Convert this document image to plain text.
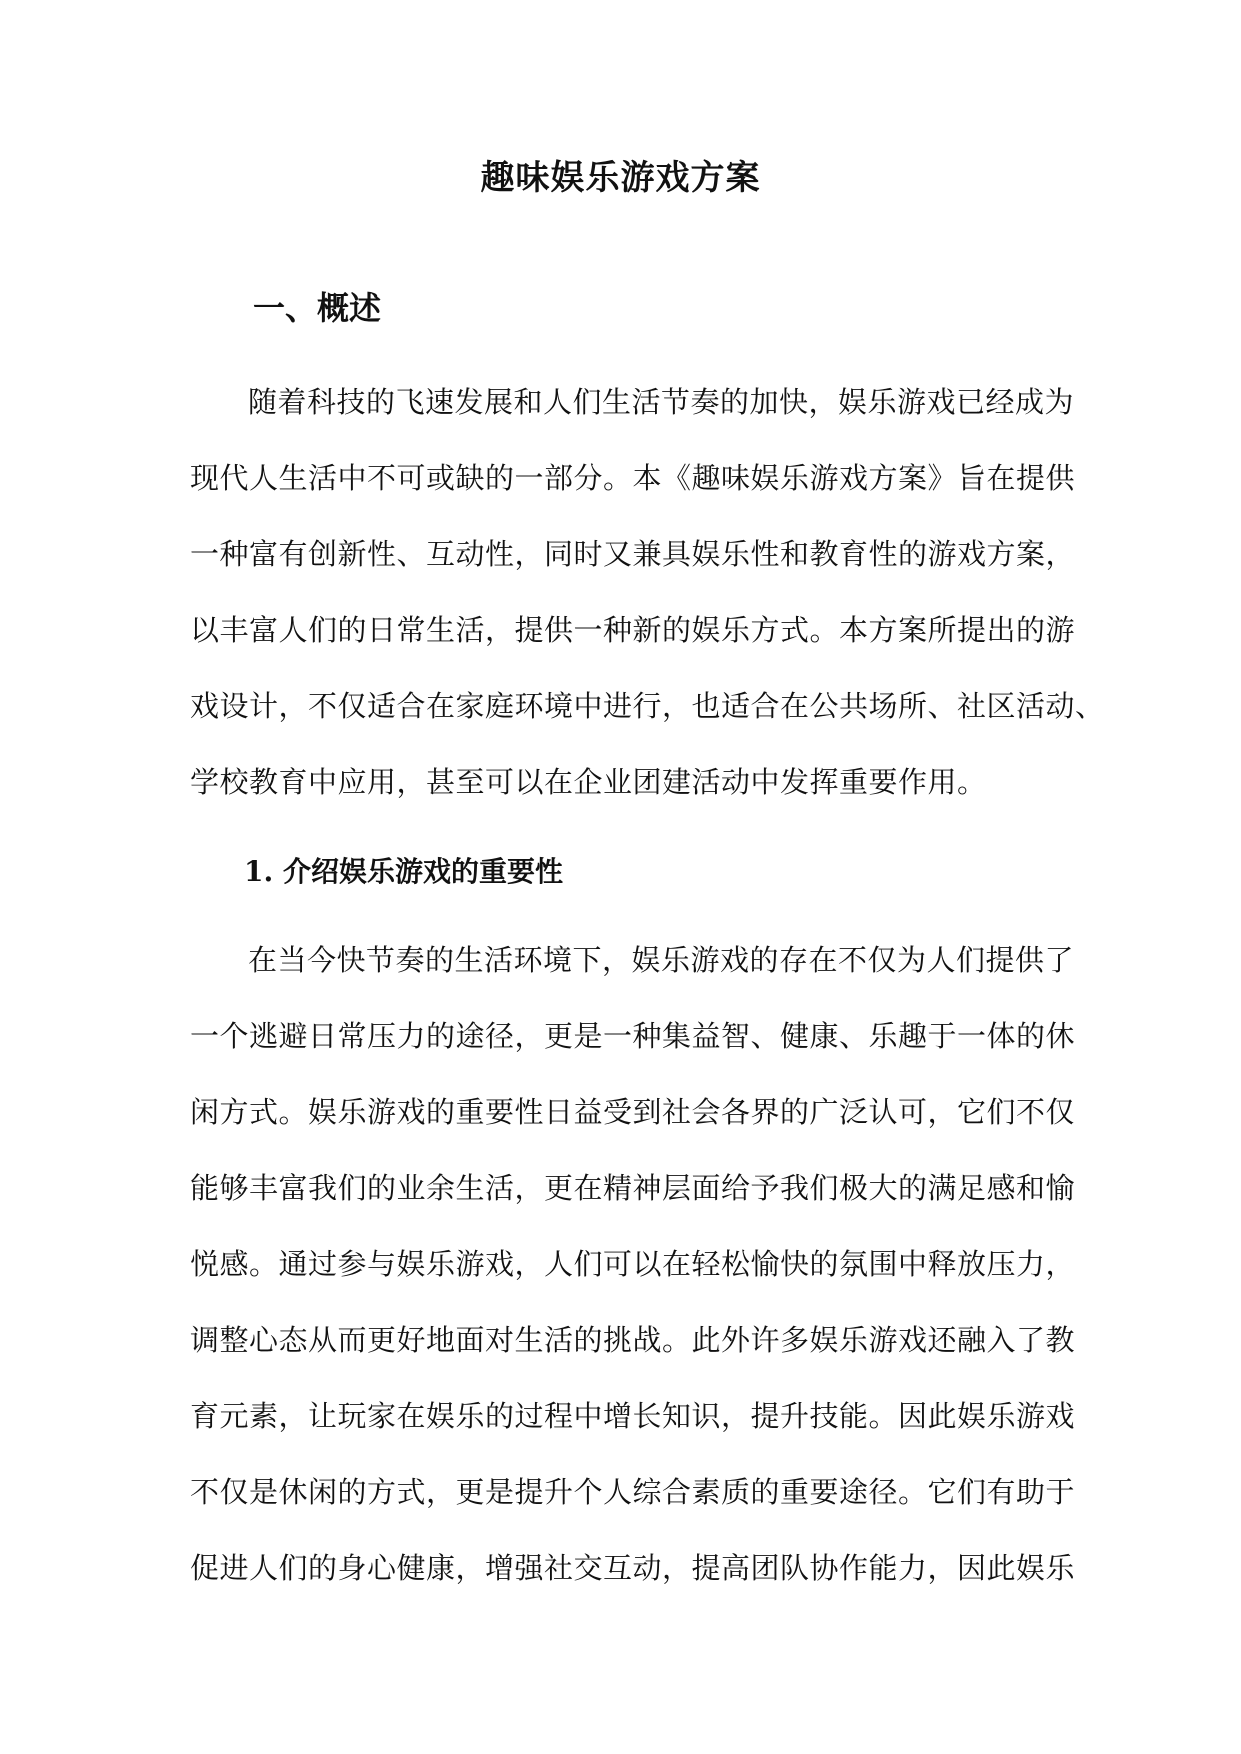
趣味娱乐游戏方案
一、概述
随着科技的飞速发展和人们生活节奏的加快，娱乐游戏已经成为
现代人生活中不可或缺的一部分。本《趣味娱乐游戏方案》旨在提供
一种富有创新性、互动性，同时又兼具娱乐性和教育性的游戏方案，
以丰富人们的日常生活，提供一种新的娱乐方式。本方案所提出的游
戏设计，不仅适合在家庭环境中进行，也适合在公共场所、社区活动、
学校教育中应用，甚至可以在企业团建活动中发挥重要作用。
1. 介绍娱乐游戏的重要性
在当今快节奏的生活环境下，娱乐游戏的存在不仅为人们提供了
一个逃避日常压力的途径，更是一种集益智、健康、乐趣于一体的休
闲方式。娱乐游戏的重要性日益受到社会各界的广泛认可，它们不仅
能够丰富我们的业余生活，更在精神层面给予我们极大的满足感和愉
悦感。通过参与娱乐游戏，人们可以在轻松愉快的氛围中释放压力，
调整心态从而更好地面对生活的挑战。此外许多娱乐游戏还融入了教
育元素，让玩家在娱乐的过程中增长知识，提升技能。因此娱乐游戏
不仅是休闲的方式，更是提升个人综合素质的重要途径。它们有助于
促进人们的身心健康，增强社交互动，提高团队协作能力，因此娱乐
